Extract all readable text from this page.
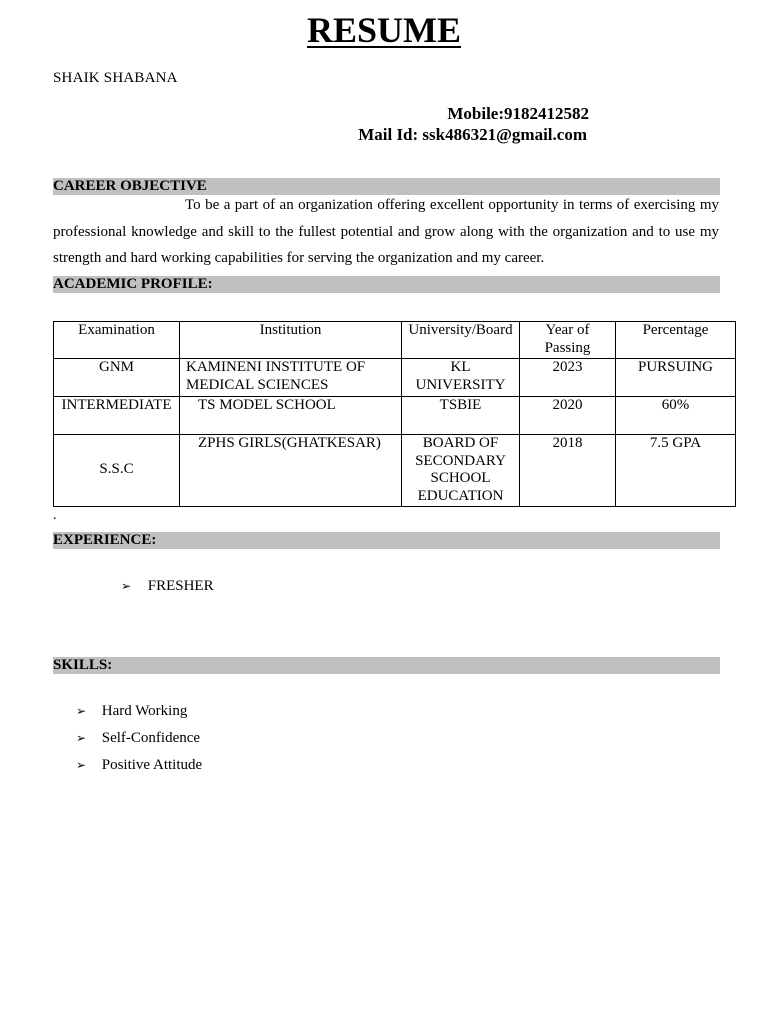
RESUME
SHAIK SHABANA
Mobile:9182412582
Mail Id: ssk486321@gmail.com
CAREER OBJECTIVE
To be a part of an organization offering excellent opportunity in terms of exercising my professional knowledge and skill to the fullest potential and grow along with the organization and to use my strength and hard working capabilities for serving the organization and my career.
ACADEMIC PROFILE:
Examination	Institution	University/Board	Year of Passing	Percentage
GNM	KAMINENI INSTITUTE OF MEDICAL SCIENCES	KL UNIVERSITY	2023	PURSUING
INTERMEDIATE	TS MODEL SCHOOL	TSBIE	2020	60%
S.S.C	ZPHS GIRLS(GHATKESAR)	BOARD OF SECONDARY SCHOOL EDUCATION	2018	7.5 GPA
.
EXPERIENCE:
➢ FRESHER
SKILLS:
➢ Hard Working
➢ Self-Confidence
➢ Positive Attitude
